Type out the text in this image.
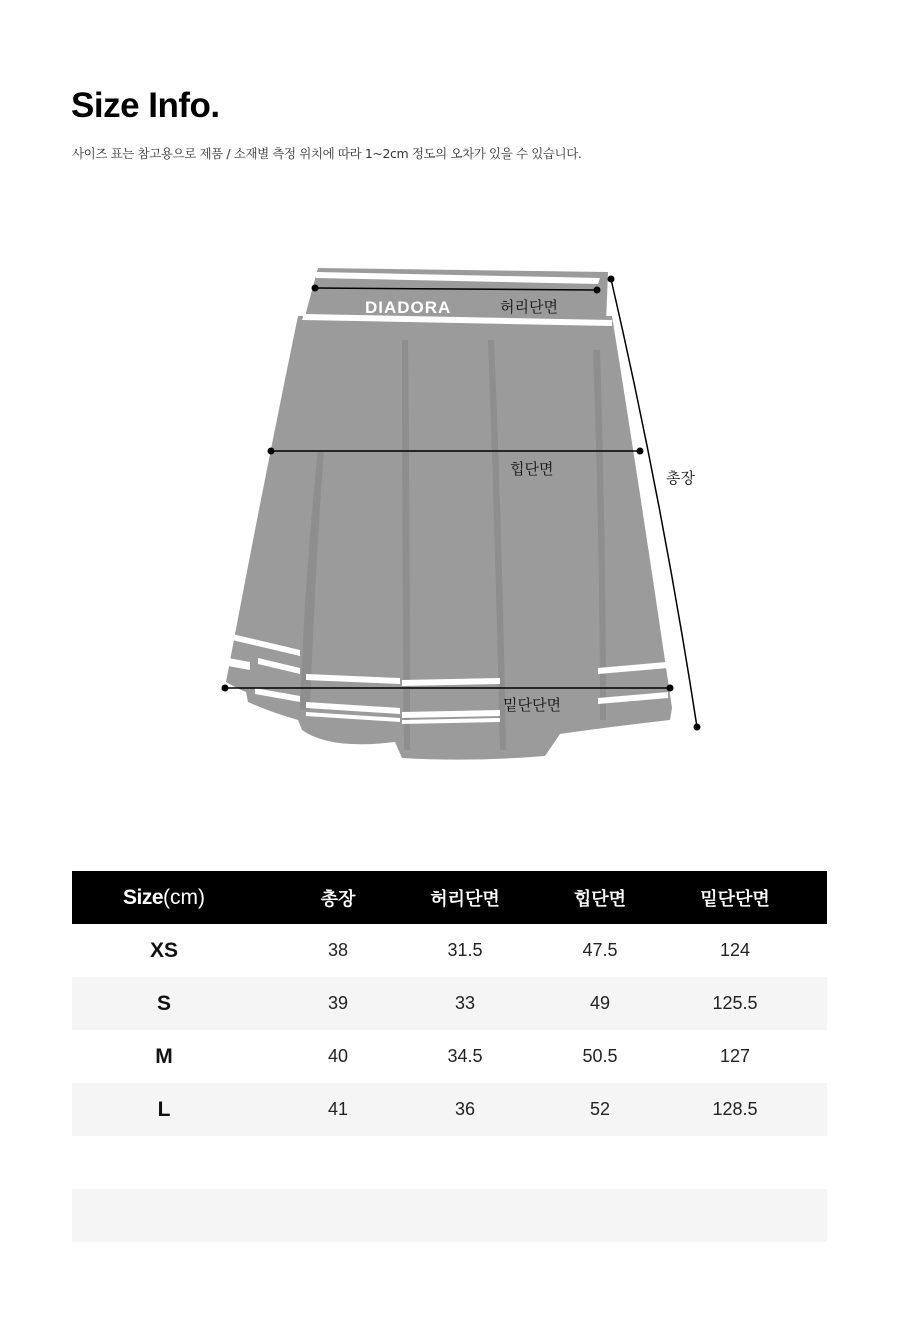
Size Info.

사이즈 표는 참고용으로 제품 / 소재별 측정 위치에 따라 1~2cm 정도의 오차가 있을 수 있습니다.

DIADORA	허리단면
힙단면	총장
밑단단면
Size(cm)	총장	허리단면	힙단면	밑단단면
XS	38	31.5	47.5	124
S	39	33	49	125.5
M	40	34.5	50.5	127
L	41	36	52	128.5
